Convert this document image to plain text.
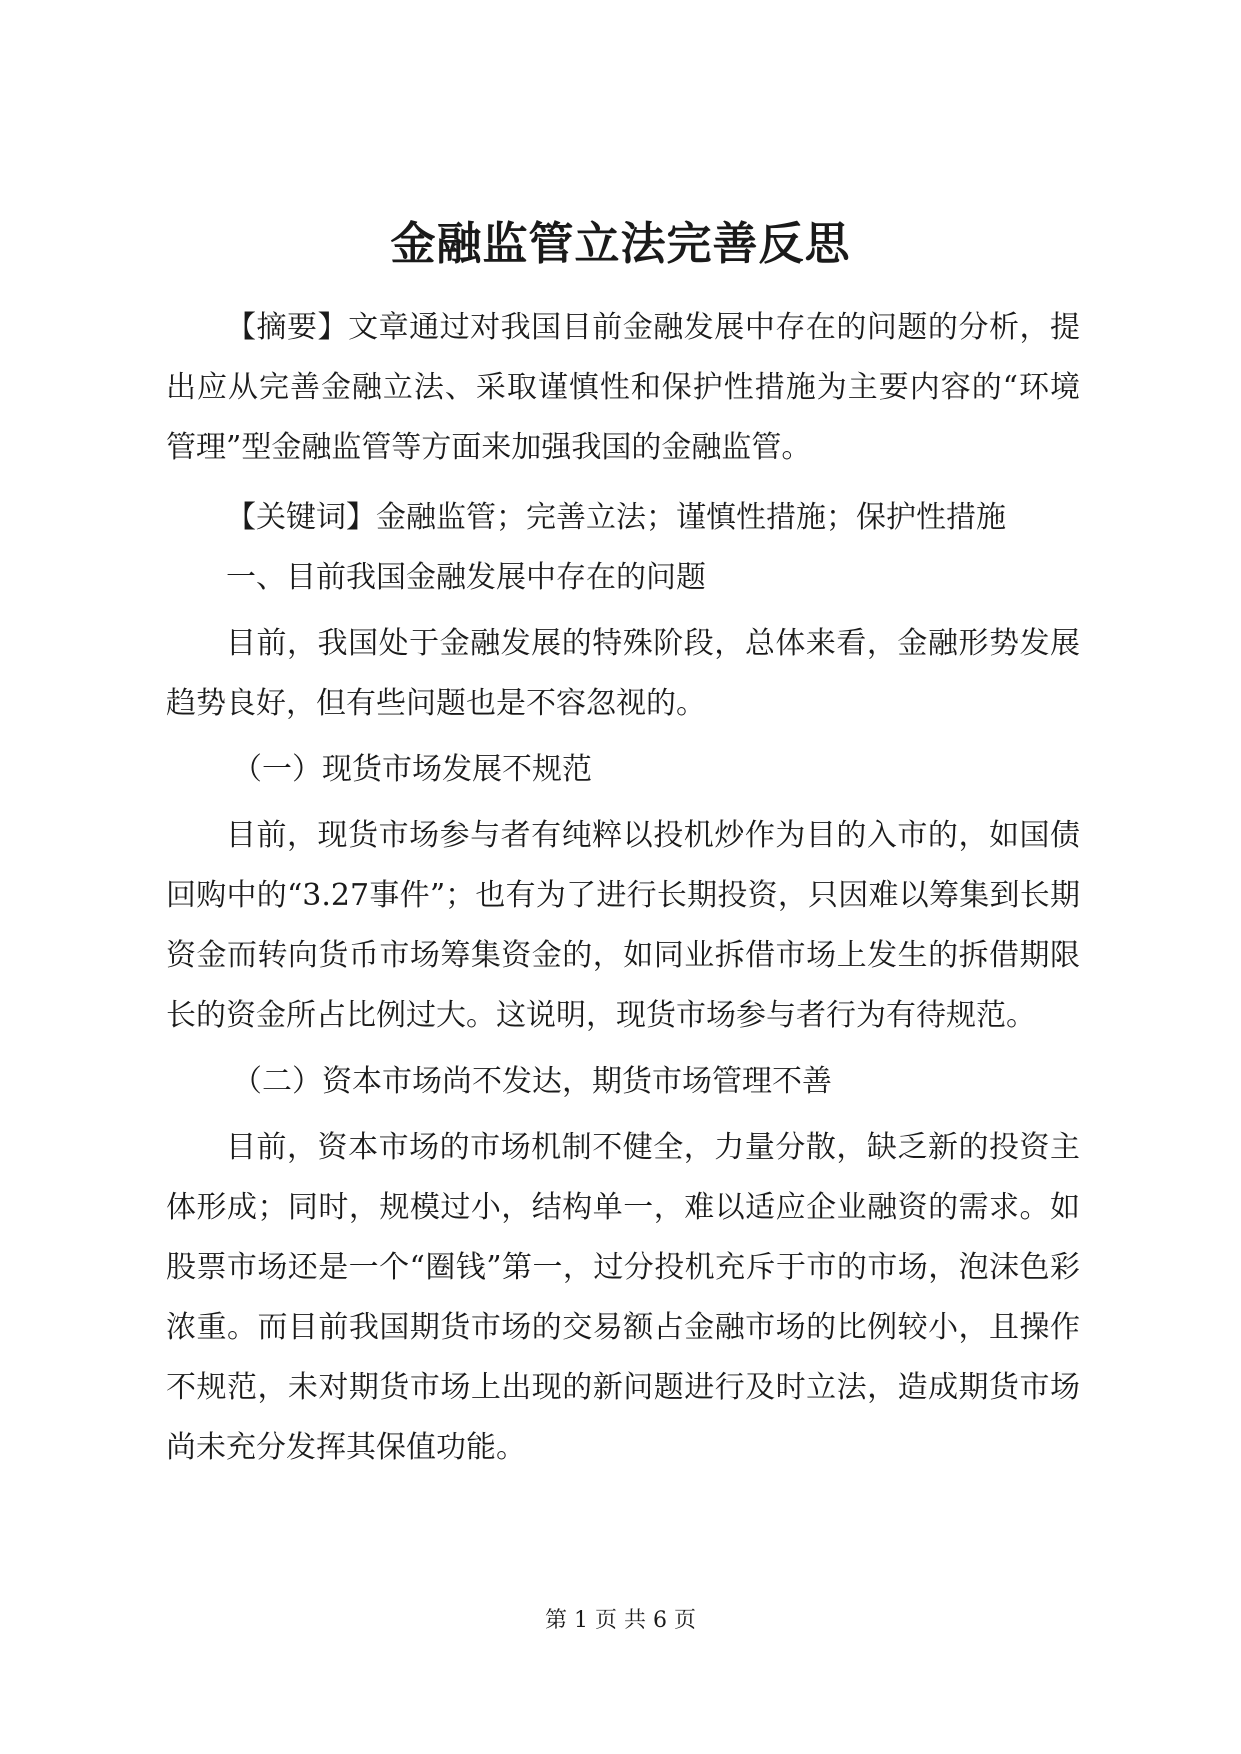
金融监管立法完善反思

【摘要】文章通过对我国目前金融发展中存在的问题的分析，提出应从完善金融立法、采取谨慎性和保护性措施为主要内容的“环境管理”型金融监管等方面来加强我国的金融监管。

【关键词】金融监管；完善立法；谨慎性措施；保护性措施

一、目前我国金融发展中存在的问题

目前，我国处于金融发展的特殊阶段，总体来看，金融形势发展趋势良好，但有些问题也是不容忽视的。

（一）现货市场发展不规范

目前，现货市场参与者有纯粹以投机炒作为目的入市的，如国债回购中的“3.27事件”；也有为了进行长期投资，只因难以筹集到长期资金而转向货币市场筹集资金的，如同业拆借市场上发生的拆借期限长的资金所占比例过大。这说明，现货市场参与者行为有待规范。

（二）资本市场尚不发达，期货市场管理不善

目前，资本市场的市场机制不健全，力量分散，缺乏新的投资主体形成；同时，规模过小，结构单一，难以适应企业融资的需求。如股票市场还是一个“圈钱”第一，过分投机充斥于市的市场，泡沫色彩浓重。而目前我国期货市场的交易额占金融市场的比例较小，且操作不规范，未对期货市场上出现的新问题进行及时立法，造成期货市场尚未充分发挥其保值功能。

第 1 页 共 6 页
